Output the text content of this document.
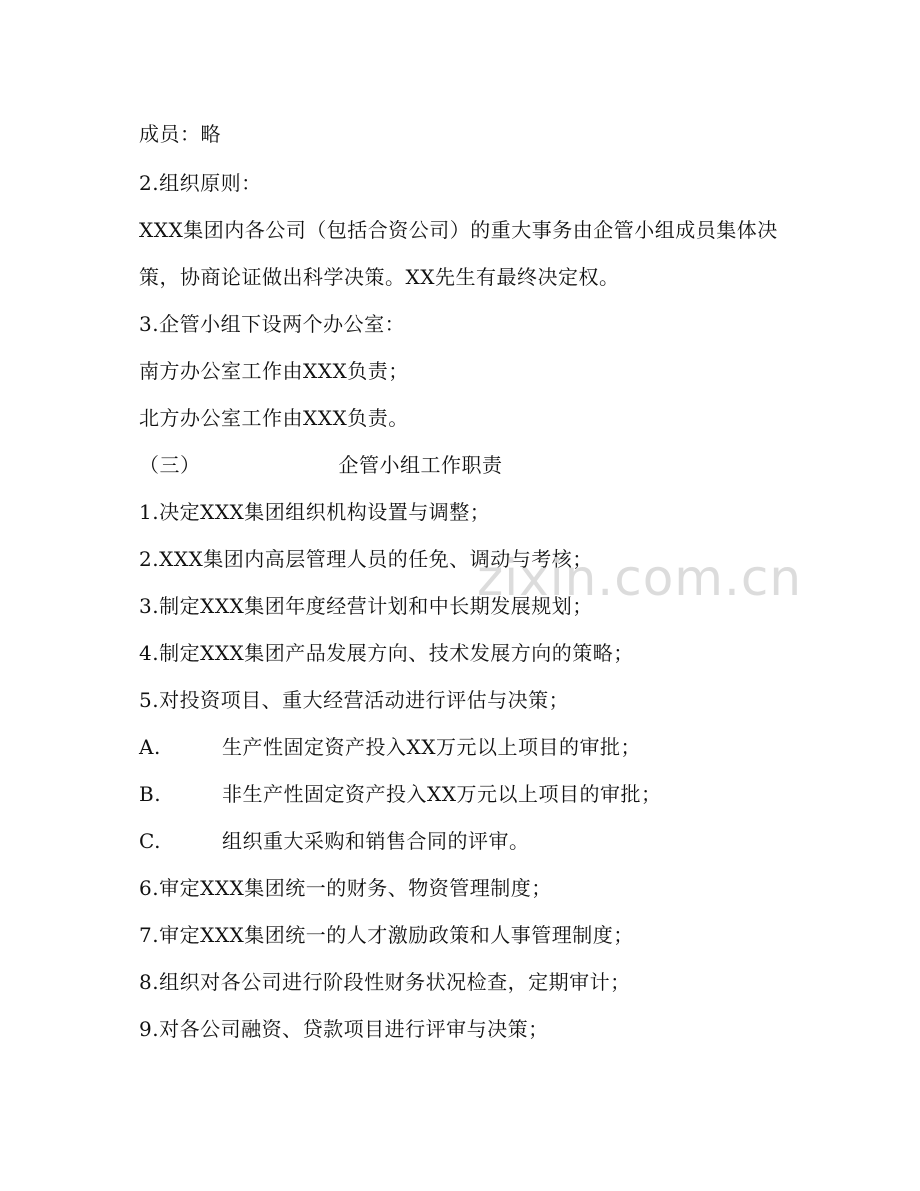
成员：略
2.组织原则：
XXX集团内各公司（包括合资公司）的重大事务由企管小组成员集体决
策，协商论证做出科学决策。XX先生有最终决定权。
3.企管小组下设两个办公室：
南方办公室工作由XXX负责；
北方办公室工作由XXX负责。
（三）	企管小组工作职责
1.决定XXX集团组织机构设置与调整；
2.XXX集团内高层管理人员的任免、调动与考核；
3.制定XXX集团年度经营计划和中长期发展规划；
4.制定XXX集团产品发展方向、技术发展方向的策略；
5.对投资项目、重大经营活动进行评估与决策；
A.	生产性固定资产投入XX万元以上项目的审批；
B.	非生产性固定资产投入XX万元以上项目的审批；
C.	组织重大采购和销售合同的评审。
6.审定XXX集团统一的财务、物资管理制度；
7.审定XXX集团统一的人才激励政策和人事管理制度；
8.组织对各公司进行阶段性财务状况检查，定期审计；
9.对各公司融资、贷款项目进行评审与决策；
zixin.com.cn
